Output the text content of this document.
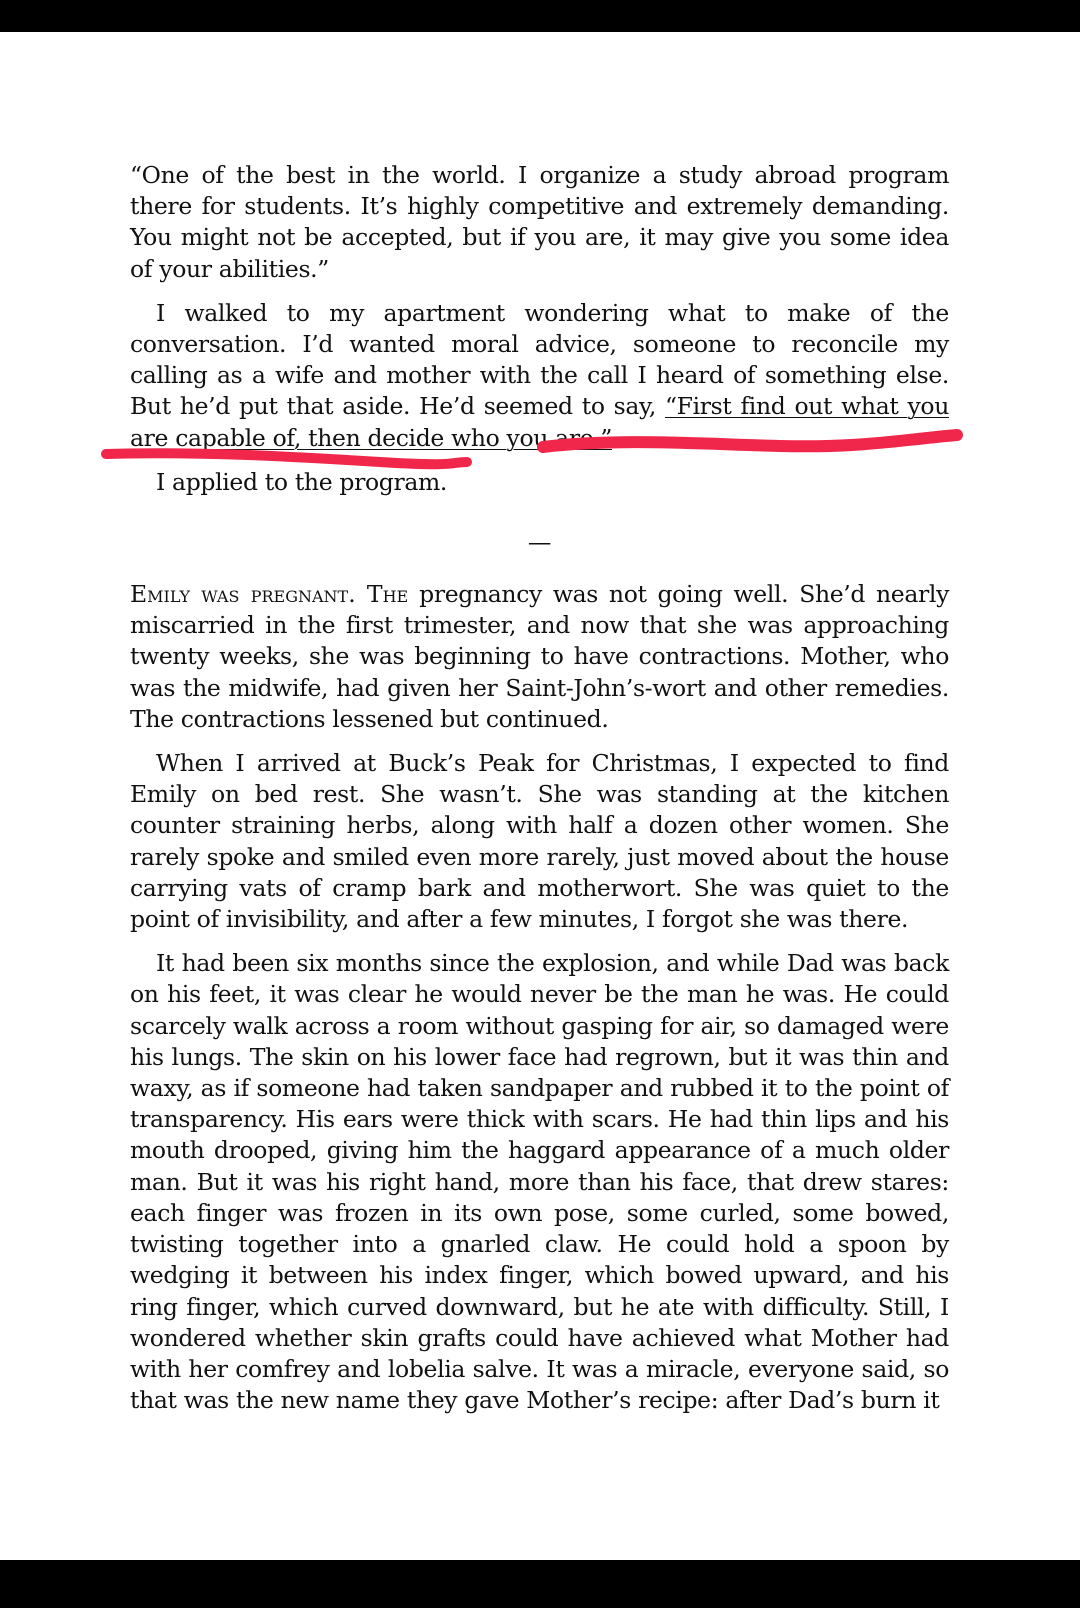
“One of the best in the world. I organize a study abroad program there for students. It’s highly competitive and extremely demanding. You might not be accepted, but if you are, it may give you some idea of your abilities.”

I walked to my apartment wondering what to make of the conversation. I’d wanted moral advice, someone to reconcile my calling as a wife and mother with the call I heard of something else. But he’d put that aside. He’d seemed to say, “First find out what you are capable of, then decide who you are.”

I applied to the program.

—

Emily was pregnant. The pregnancy was not going well. She’d nearly miscarried in the first trimester, and now that she was approaching twenty weeks, she was beginning to have contractions. Mother, who was the midwife, had given her Saint-John’s-wort and other remedies. The contractions lessened but continued.

When I arrived at Buck’s Peak for Christmas, I expected to find Emily on bed rest. She wasn’t. She was standing at the kitchen counter straining herbs, along with half a dozen other women. She rarely spoke and smiled even more rarely, just moved about the house carrying vats of cramp bark and motherwort. She was quiet to the point of invisibility, and after a few minutes, I forgot she was there.

It had been six months since the explosion, and while Dad was back on his feet, it was clear he would never be the man he was. He could scarcely walk across a room without gasping for air, so damaged were his lungs. The skin on his lower face had regrown, but it was thin and waxy, as if someone had taken sandpaper and rubbed it to the point of transparency. His ears were thick with scars. He had thin lips and his mouth drooped, giving him the haggard appearance of a much older man. But it was his right hand, more than his face, that drew stares: each finger was frozen in its own pose, some curled, some bowed, twisting together into a gnarled claw. He could hold a spoon by wedging it between his index finger, which bowed upward, and his ring finger, which curved downward, but he ate with difficulty. Still, I wondered whether skin grafts could have achieved what Mother had with her comfrey and lobelia salve. It was a miracle, everyone said, so that was the new name they gave Mother’s recipe: after Dad’s burn it
